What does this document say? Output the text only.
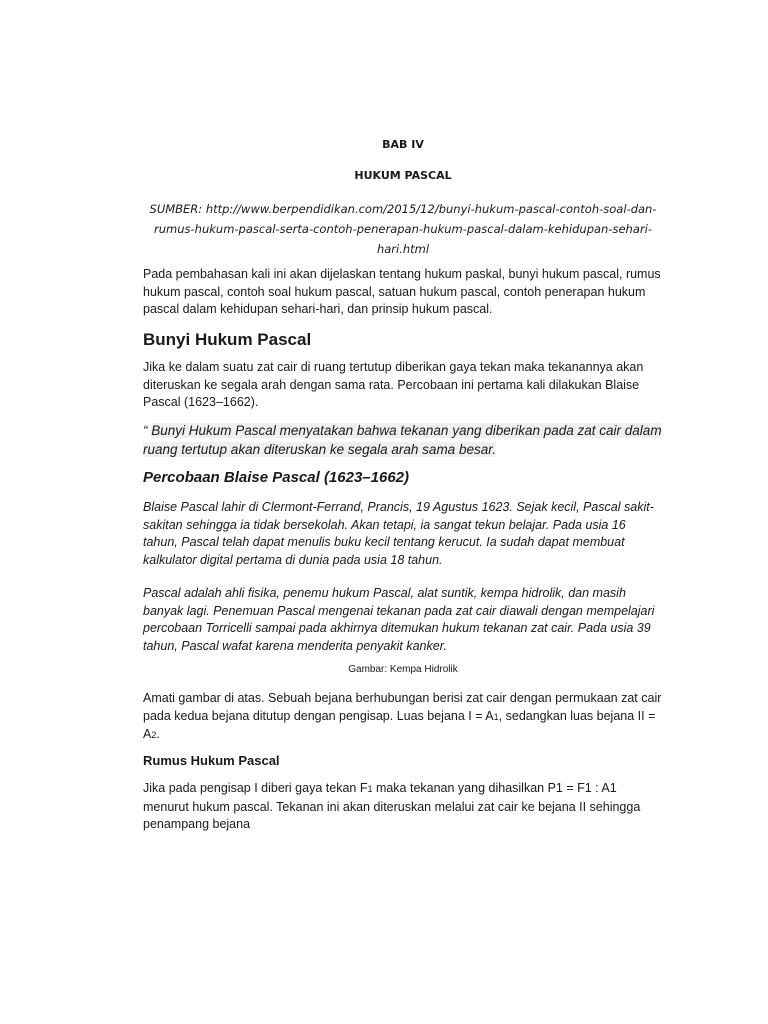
BAB IV
HUKUM PASCAL
SUMBER: http://www.berpendidikan.com/2015/12/bunyi-hukum-pascal-contoh-soal-dan-rumus-hukum-pascal-serta-contoh-penerapan-hukum-pascal-dalam-kehidupan-sehari-hari.html
Pada pembahasan kali ini akan dijelaskan tentang hukum paskal, bunyi hukum pascal, rumus hukum pascal, contoh soal hukum pascal, satuan hukum pascal, contoh penerapan hukum pascal dalam kehidupan sehari-hari, dan prinsip hukum pascal.
Bunyi Hukum Pascal
Jika ke dalam suatu zat cair di ruang tertutup diberikan gaya tekan maka tekanannya akan diteruskan ke segala arah dengan sama rata. Percobaan ini pertama kali dilakukan Blaise Pascal (1623–1662).
“ Bunyi Hukum Pascal menyatakan bahwa tekanan yang diberikan pada zat cair dalam ruang tertutup akan diteruskan ke segala arah sama besar.
Percobaan Blaise Pascal (1623–1662)
Blaise Pascal lahir di Clermont-Ferrand, Prancis, 19 Agustus 1623. Sejak kecil, Pascal sakit-sakitan sehingga ia tidak bersekolah. Akan tetapi, ia sangat tekun belajar. Pada usia 16 tahun, Pascal telah dapat menulis buku kecil tentang kerucut. Ia sudah dapat membuat kalkulator digital pertama di dunia pada usia 18 tahun.
Pascal adalah ahli fisika, penemu hukum Pascal, alat suntik, kempa hidrolik, dan masih banyak lagi. Penemuan Pascal mengenai tekanan pada zat cair diawali dengan mempelajari percobaan Torricelli sampai pada akhirnya ditemukan hukum tekanan zat cair. Pada usia 39 tahun, Pascal wafat karena menderita penyakit kanker.
Gambar: Kempa Hidrolik
Amati gambar di atas. Sebuah bejana berhubungan berisi zat cair dengan permukaan zat cair pada kedua bejana ditutup dengan pengisap. Luas bejana I = A1, sedangkan luas bejana II = A2.
Rumus Hukum Pascal
Jika pada pengisap I diberi gaya tekan F1 maka tekanan yang dihasilkan P1 = F1 : A1 menurut hukum pascal. Tekanan ini akan diteruskan melalui zat cair ke bejana II sehingga penampang bejana
